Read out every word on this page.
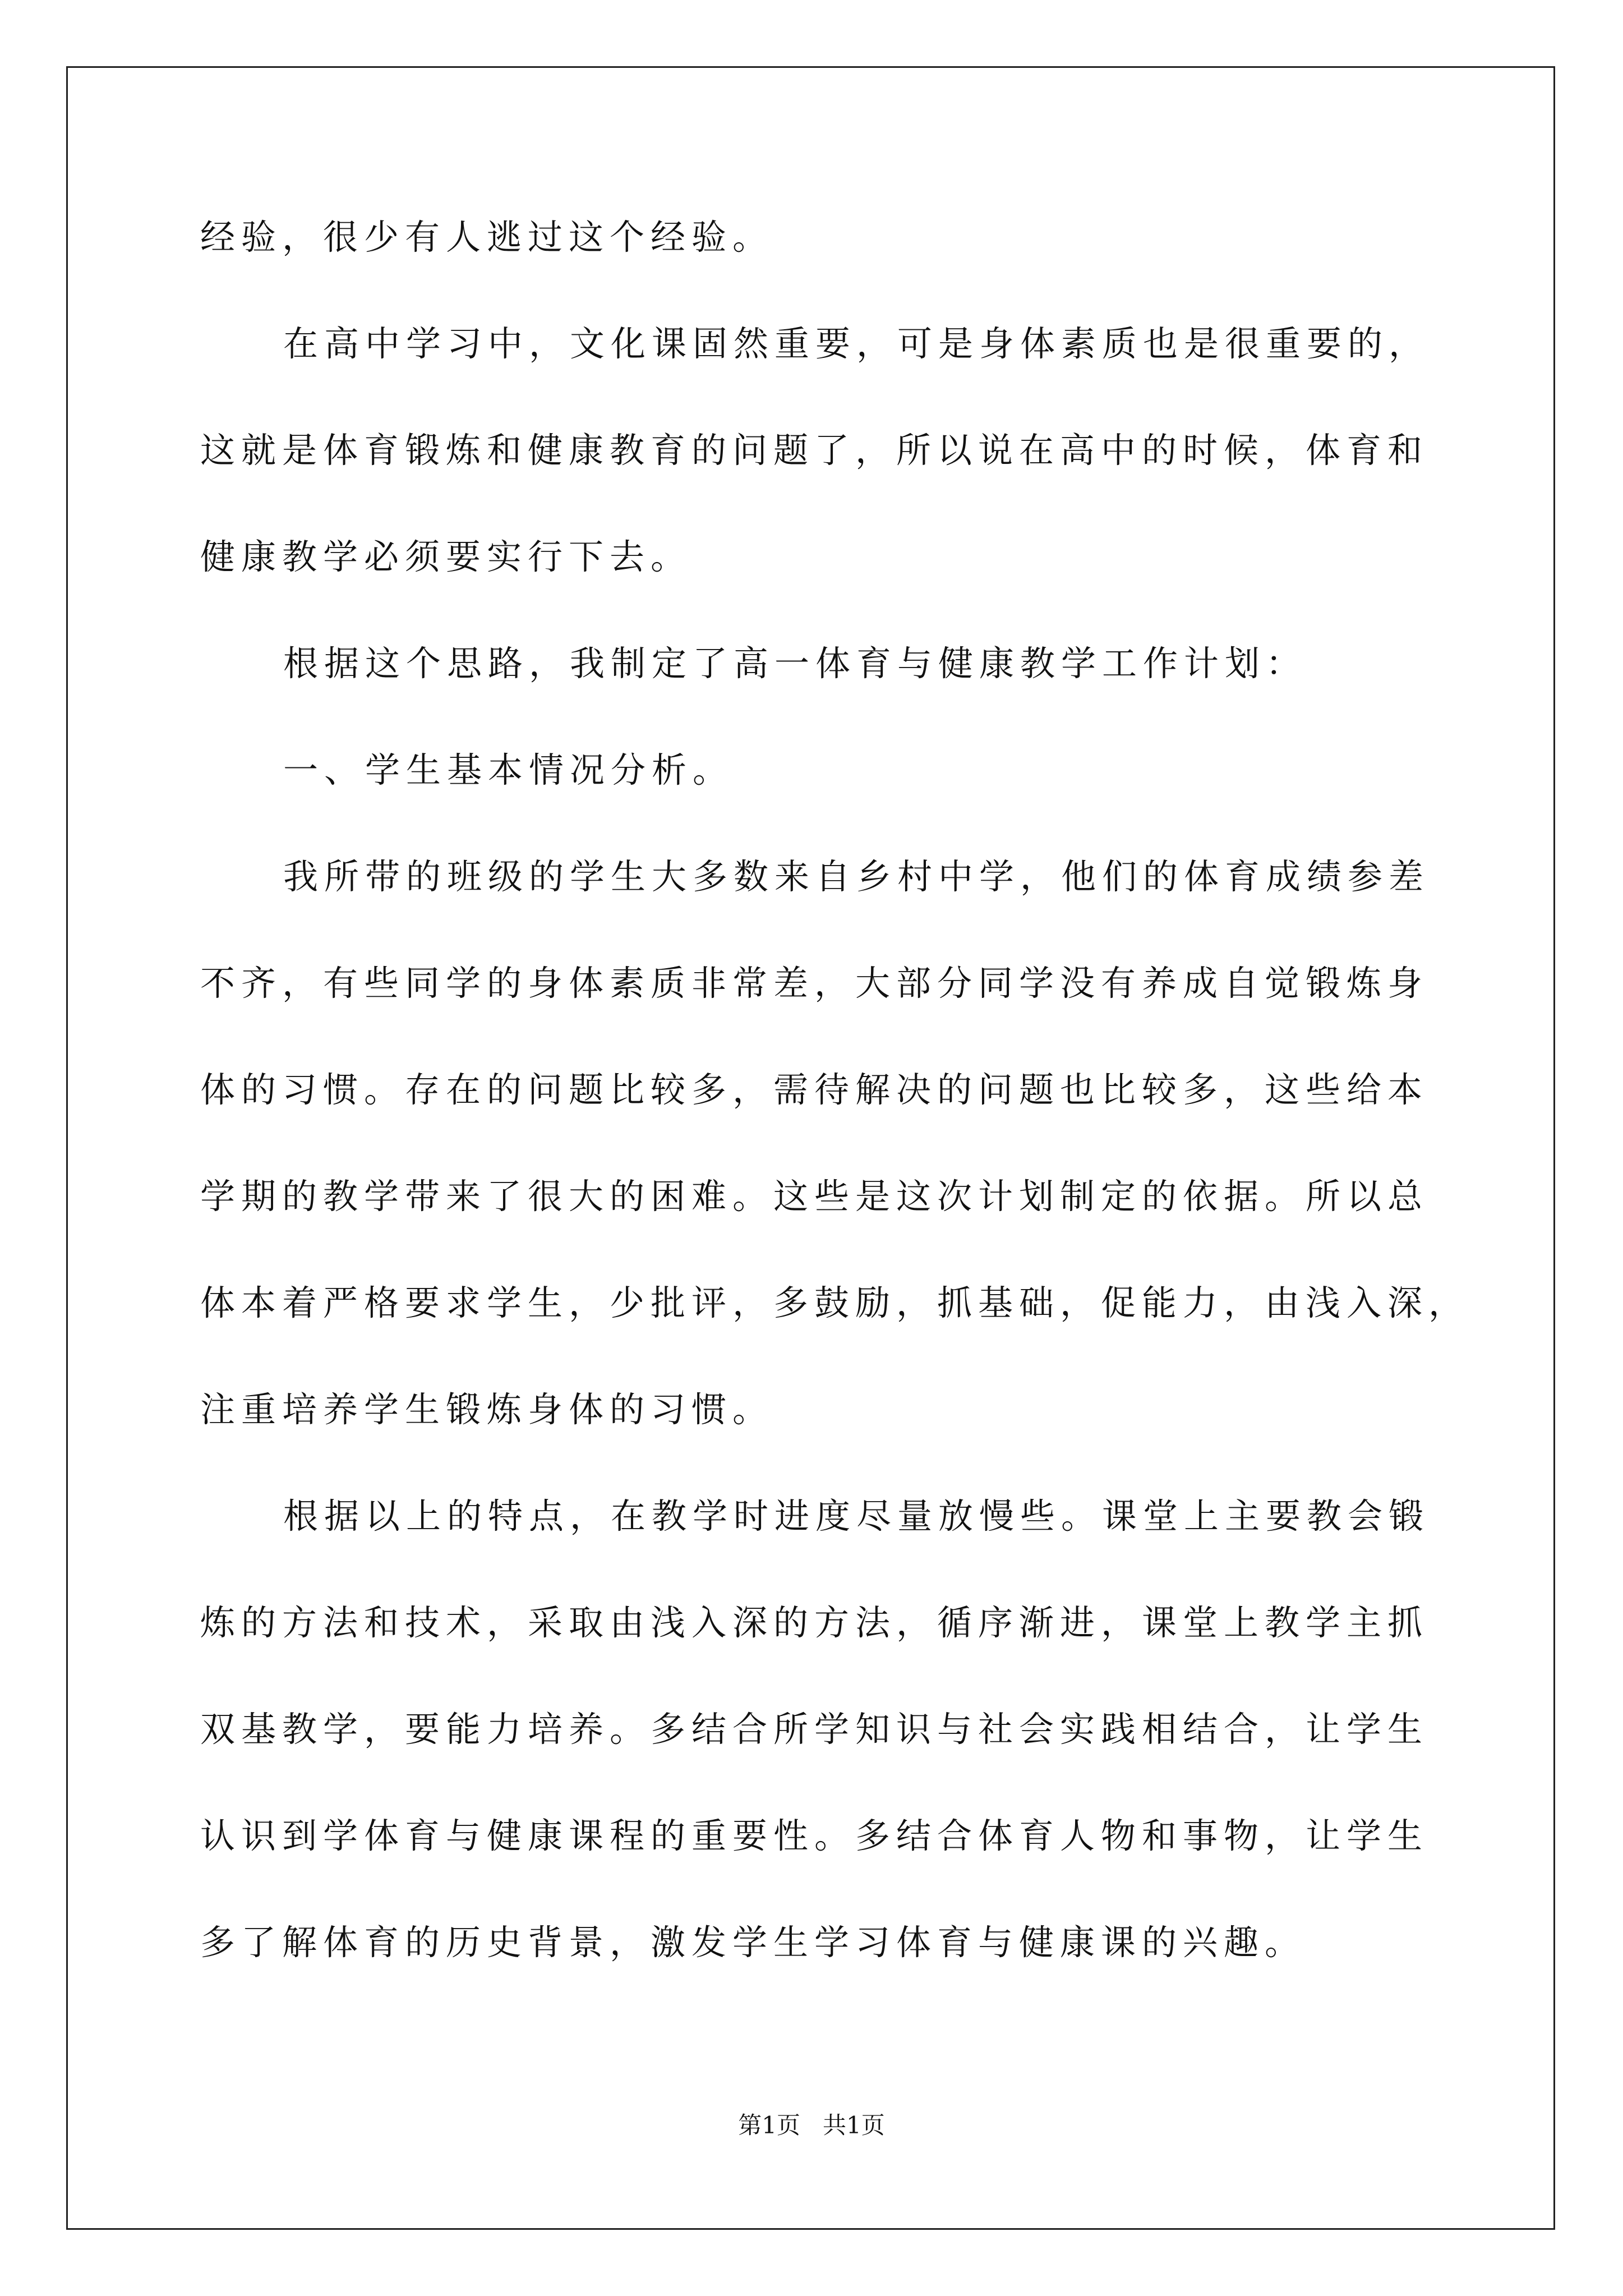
经验，很少有人逃过这个经验。
在高中学习中，文化课固然重要，可是身体素质也是很重要的，
这就是体育锻炼和健康教育的问题了，所以说在高中的时候，体育和
健康教学必须要实行下去。
根据这个思路，我制定了高一体育与健康教学工作计划：
一、学生基本情况分析。
我所带的班级的学生大多数来自乡村中学，他们的体育成绩参差
不齐，有些同学的身体素质非常差，大部分同学没有养成自觉锻炼身
体的习惯。存在的问题比较多，需待解决的问题也比较多，这些给本
学期的教学带来了很大的困难。这些是这次计划制定的依据。所以总
体本着严格要求学生，少批评，多鼓励，抓基础，促能力，由浅入深，
注重培养学生锻炼身体的习惯。
根据以上的特点，在教学时进度尽量放慢些。课堂上主要教会锻
炼的方法和技术，采取由浅入深的方法，循序渐进，课堂上教学主抓
双基教学，要能力培养。多结合所学知识与社会实践相结合，让学生
认识到学体育与健康课程的重要性。多结合体育人物和事物，让学生
多了解体育的历史背景，激发学生学习体育与健康课的兴趣。
第1页   共1页
